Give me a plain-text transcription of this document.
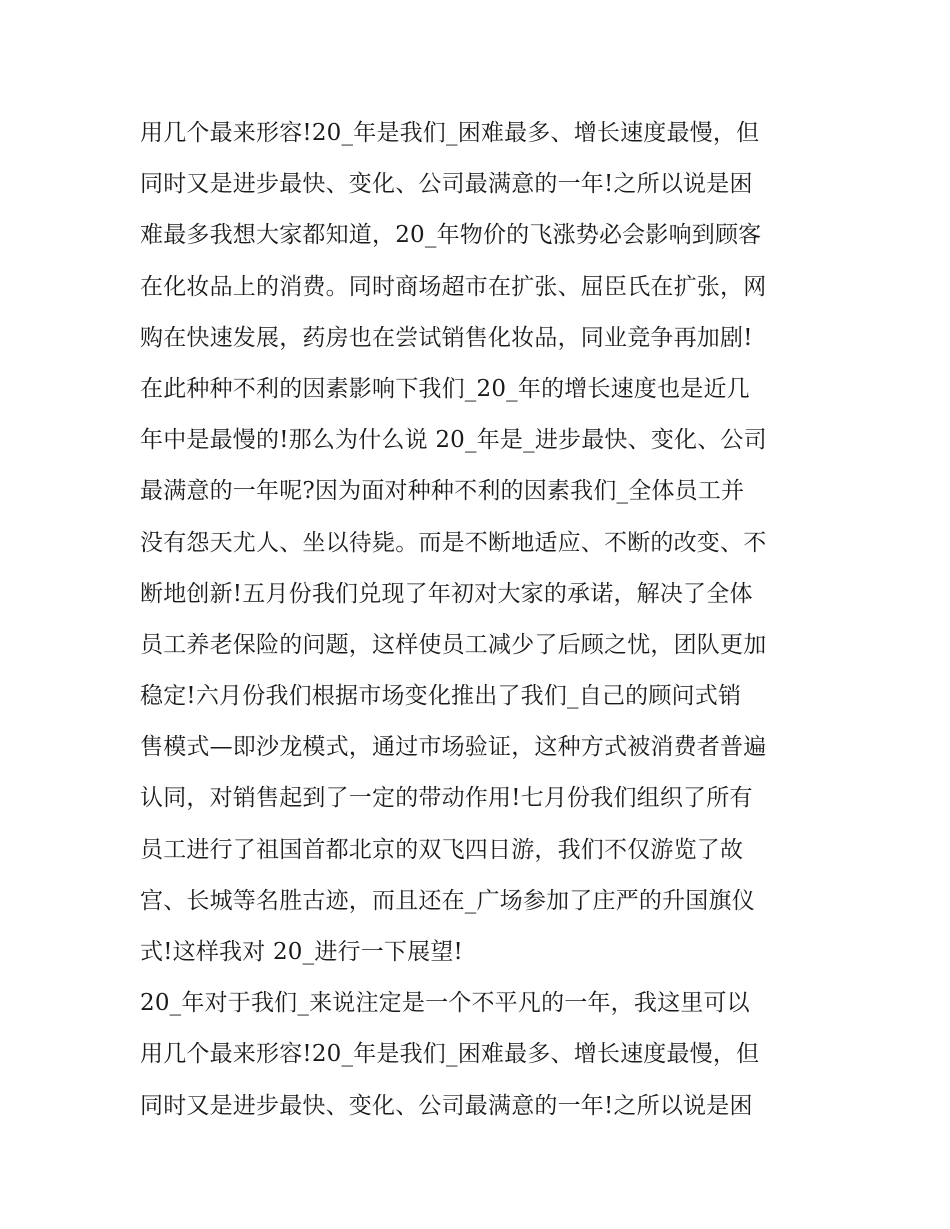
用几个最来形容!20_年是我们_困难最多、增长速度最慢，但
同时又是进步最快、变化、公司最满意的一年!之所以说是困
难最多我想大家都知道，20_年物价的飞涨势必会影响到顾客
在化妆品上的消费。同时商场超市在扩张、屈臣氏在扩张，网
购在快速发展，药房也在尝试销售化妆品，同业竞争再加剧!
在此种种不利的因素影响下我们_20_年的增长速度也是近几
年中是最慢的!那么为什么说 20_年是_进步最快、变化、公司
最满意的一年呢?因为面对种种不利的因素我们_全体员工并
没有怨天尤人、坐以待毙。而是不断地适应、不断的改变、不
断地创新!五月份我们兑现了年初对大家的承诺，解决了全体
员工养老保险的问题，这样使员工减少了后顾之忧，团队更加
稳定!六月份我们根据市场变化推出了我们_自己的顾问式销
售模式—即沙龙模式，通过市场验证，这种方式被消费者普遍
认同，对销售起到了一定的带动作用!七月份我们组织了所有
员工进行了祖国首都北京的双飞四日游，我们不仅游览了故
宫、长城等名胜古迹，而且还在_广场参加了庄严的升国旗仪
式!这样我对 20_进行一下展望!
20_年对于我们_来说注定是一个不平凡的一年，我这里可以
用几个最来形容!20_年是我们_困难最多、增长速度最慢，但
同时又是进步最快、变化、公司最满意的一年!之所以说是困
